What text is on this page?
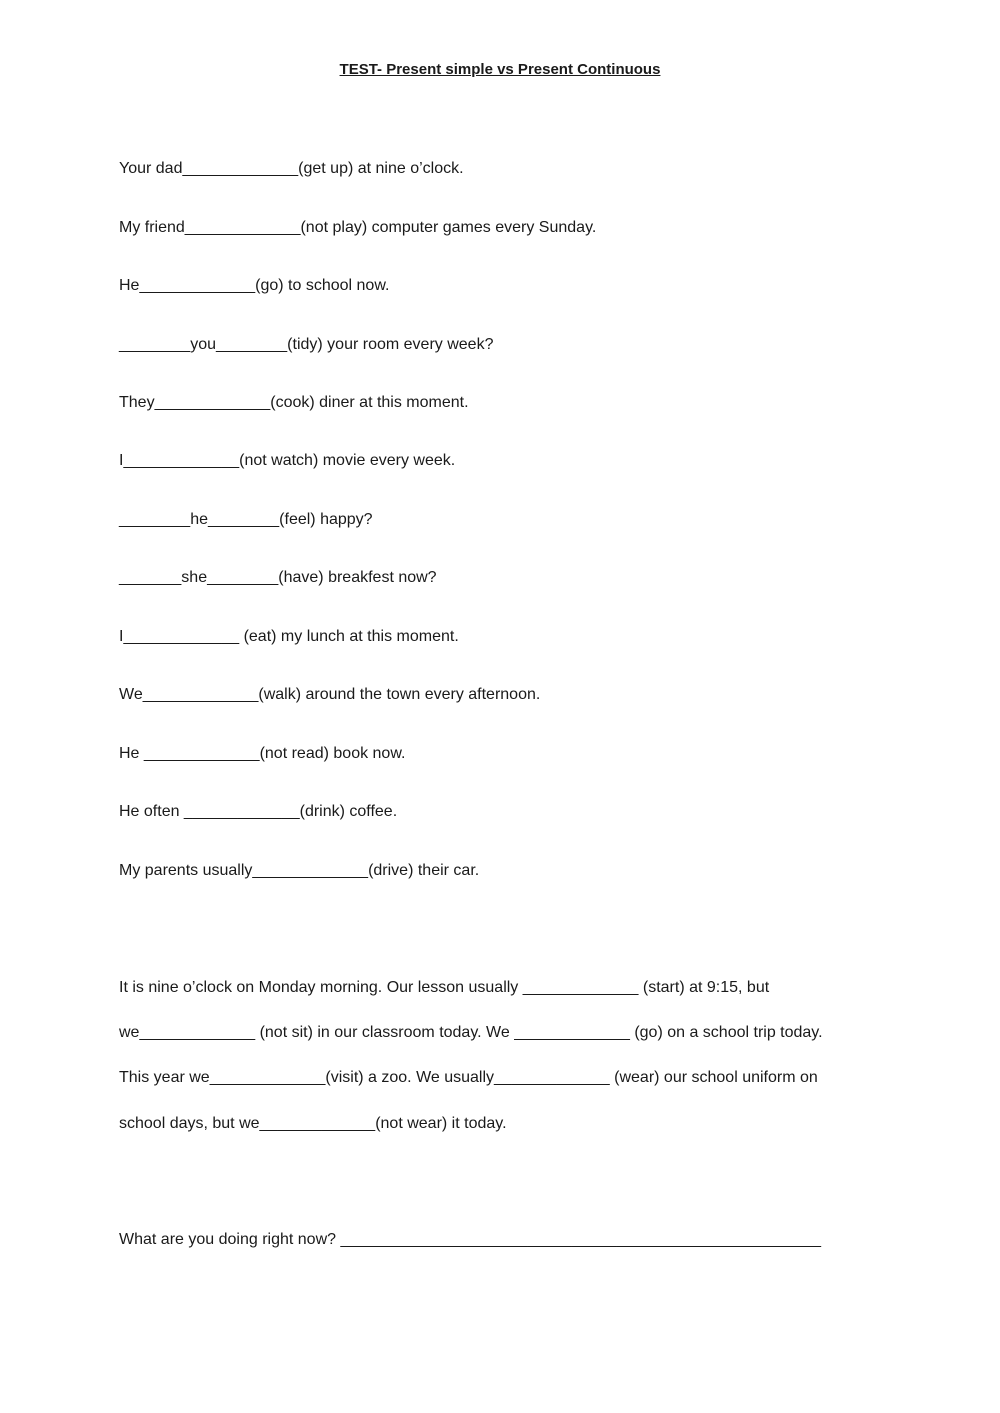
TEST- Present simple vs Present Continuous
Your dad_____________(get up) at nine o’clock.
My friend_____________(not play) computer games every Sunday.
He_____________(go) to school now.
________you________(tidy) your room every week?
They_____________(cook) diner at this moment.
I_____________(not watch) movie every week.
________he________(feel) happy?
_______she________(have) breakfest now?
I_____________ (eat) my lunch at this moment.
We_____________(walk) around the town every afternoon.
He _____________(not read) book now.
He often _____________(drink) coffee.
My parents usually_____________(drive) their car.
It is nine o’clock on Monday morning. Our lesson usually _____________ (start) at 9:15, but
we_____________ (not sit) in our classroom today. We _____________ (go) on a school trip today.
This year we_____________(visit) a zoo. We usually_____________ (wear) our school uniform on
school days, but we_____________(not wear) it today.
What are you doing right now? ______________________________________________________
